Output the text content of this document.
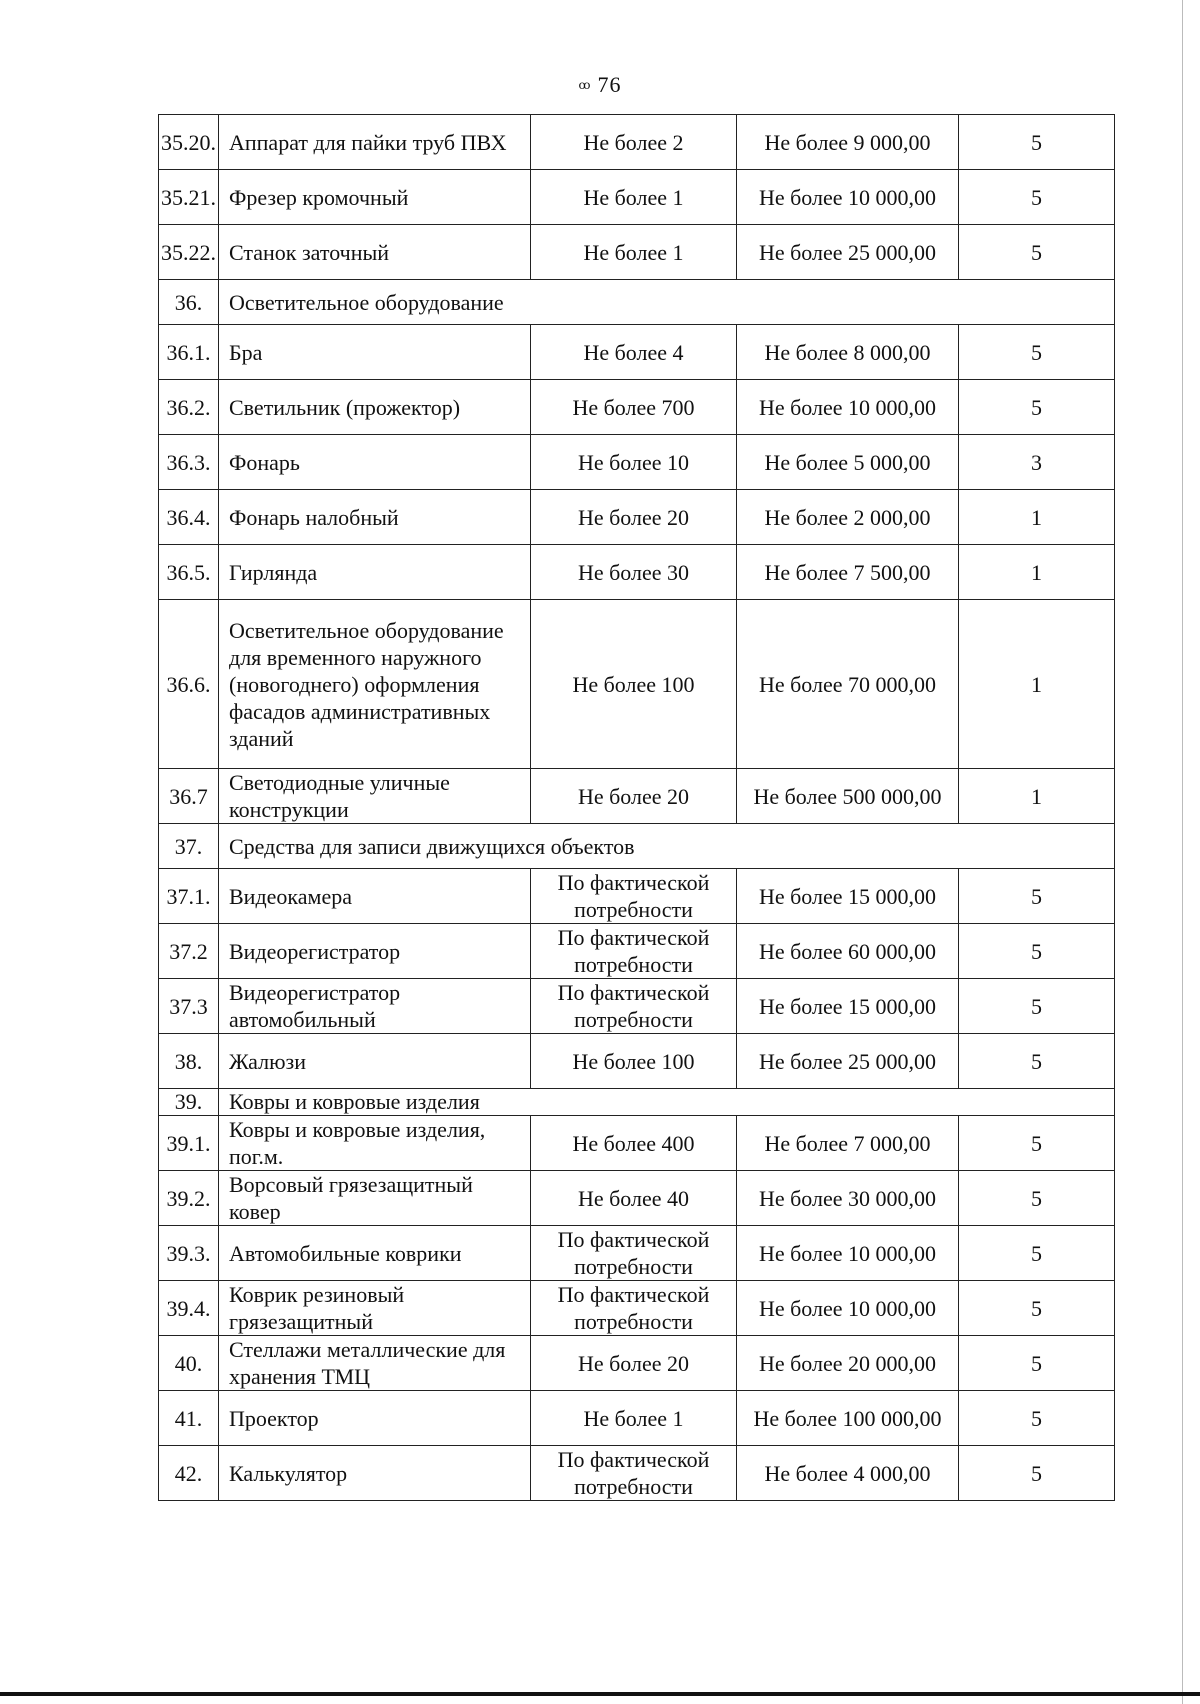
ꝏ 76
35.20.	Аппарат для пайки труб ПВХ	Не более 2	Не более 9 000,00	5
35.21.	Фрезер кромочный	Не более 1	Не более 10 000,00	5
35.22.	Станок заточный	Не более 1	Не более 25 000,00	5
36.	Осветительное оборудование			
36.1.	Бра	Не более 4	Не более 8 000,00	5
36.2.	Светильник (прожектор)	Не более 700	Не более 10 000,00	5
36.3.	Фонарь	Не более 10	Не более 5 000,00	3
36.4.	Фонарь налобный	Не более 20	Не более 2 000,00	1
36.5.	Гирлянда	Не более 30	Не более 7 500,00	1
36.6.	Осветительное оборудование для временного наружного (новогоднего) оформления фасадов административных зданий	Не более 100	Не более 70 000,00	1
36.7	Светодиодные уличные конструкции	Не более 20	Не более 500 000,00	1
37.	Средства для записи движущихся объектов			
37.1.	Видеокамера	По фактической потребности	Не более 15 000,00	5
37.2	Видеорегистратор	По фактической потребности	Не более 60 000,00	5
37.3	Видеорегистратор автомобильный	По фактической потребности	Не более 15 000,00	5
38.	Жалюзи	Не более 100	Не более 25 000,00	5
39.	Ковры и ковровые изделия			
39.1.	Ковры и ковровые изделия, пог.м.	Не более 400	Не более 7 000,00	5
39.2.	Ворсовый грязезащитный ковер	Не более 40	Не более 30 000,00	5
39.3.	Автомобильные коврики	По фактической потребности	Не более 10 000,00	5
39.4.	Коврик резиновый грязезащитный	По фактической потребности	Не более 10 000,00	5
40.	Стеллажи металлические для хранения ТМЦ	Не более 20	Не более 20 000,00	5
41.	Проектор	Не более 1	Не более 100 000,00	5
42.	Калькулятор	По фактической потребности	Не более 4 000,00	5
